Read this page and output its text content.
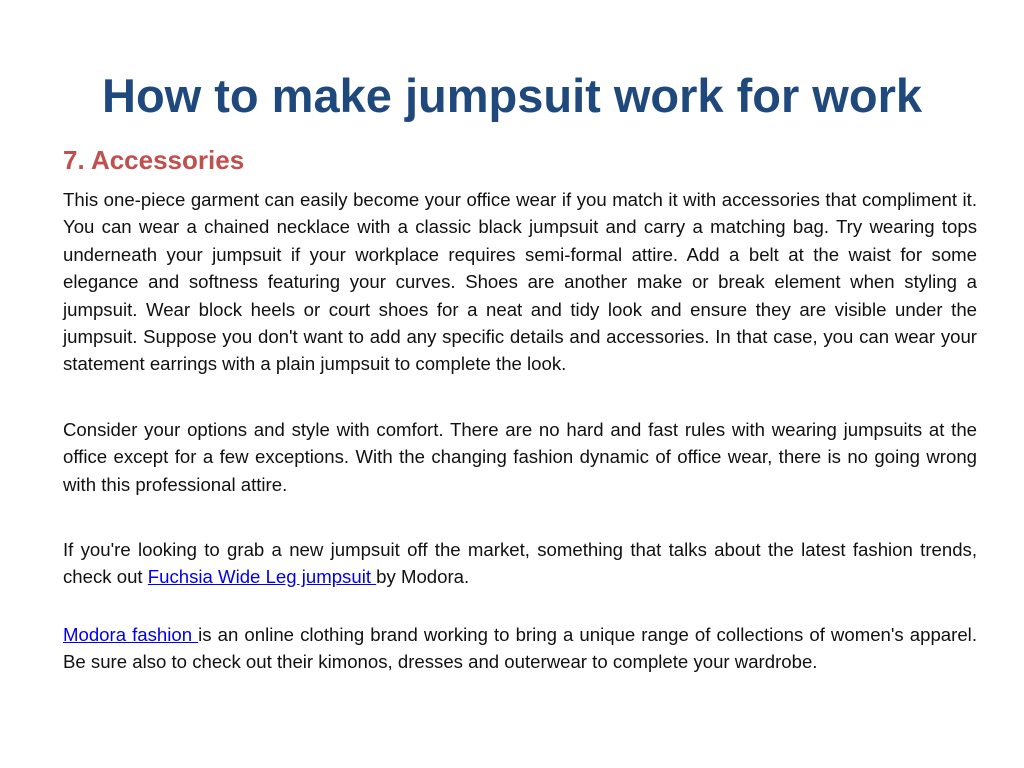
How to make jumpsuit work for work
7. Accessories

This one-piece garment can easily become your office wear if you match it with accessories that compliment it. You can wear a chained necklace with a classic black jumpsuit and carry a matching bag. Try wearing tops underneath your jumpsuit if your workplace requires semi-formal attire. Add a belt at the waist for some elegance and softness featuring your curves. Shoes are another make or break element when styling a jumpsuit. Wear block heels or court shoes for a neat and tidy look and ensure they are visible under the jumpsuit. Suppose you don't want to add any specific details and accessories. In that case, you can wear your statement earrings with a plain jumpsuit to complete the look.

Consider your options and style with comfort. There are no hard and fast rules with wearing jumpsuits at the office except for a few exceptions. With the changing fashion dynamic of office wear, there is no going wrong with this professional attire.

If you're looking to grab a new jumpsuit off the market, something that talks about the latest fashion trends, check out Fuchsia Wide Leg jumpsuit by Modora.

Modora fashion is an online clothing brand working to bring a unique range of collections of women's apparel. Be sure also to check out their kimonos, dresses and outerwear to complete your wardrobe.
